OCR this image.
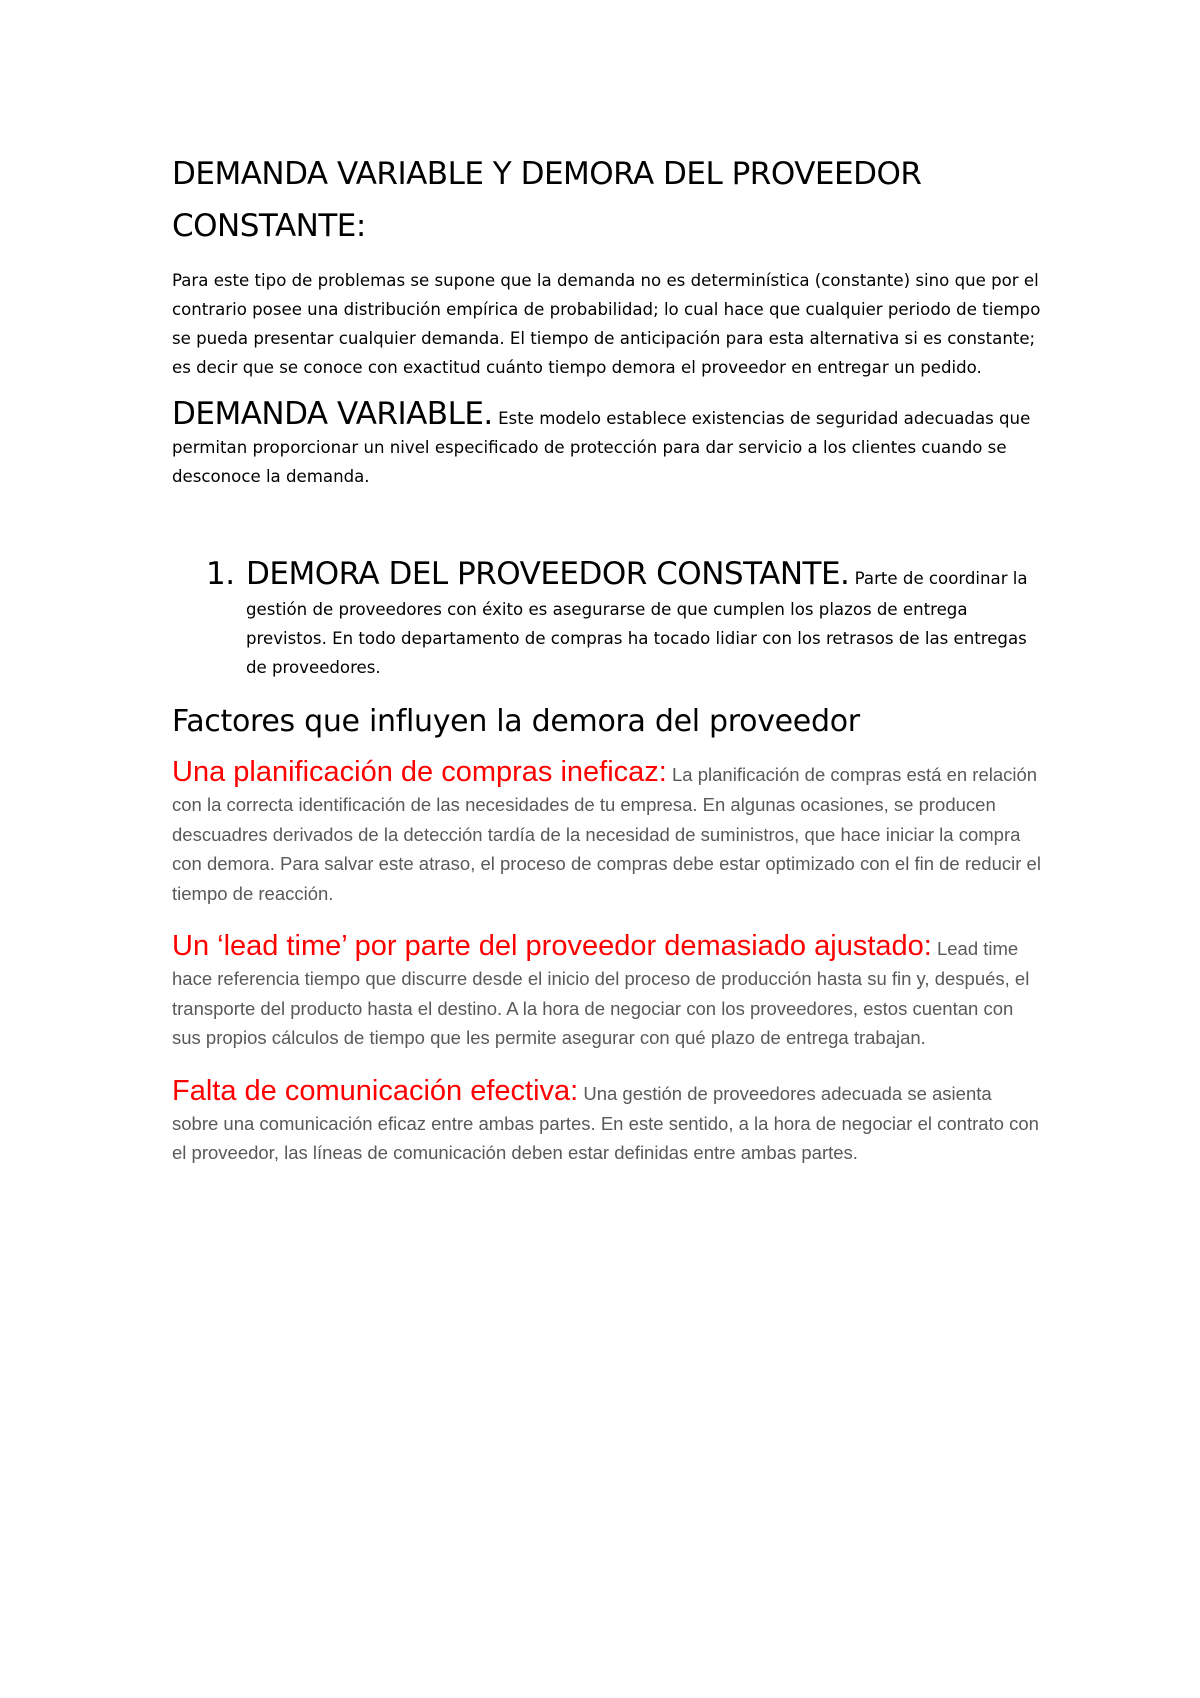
DEMANDA VARIABLE Y DEMORA DEL PROVEEDOR CONSTANTE:

Para este tipo de problemas se supone que la demanda no es determinística (constante) sino que por el contrario posee una distribución empírica de probabilidad; lo cual hace que cualquier periodo de tiempo se pueda presentar cualquier demanda. El tiempo de anticipación para esta alternativa si es constante; es decir que se conoce con exactitud cuánto tiempo demora el proveedor en entregar un pedido.

DEMANDA VARIABLE. Este modelo establece existencias de seguridad adecuadas que permitan proporcionar un nivel especificado de protección para dar servicio a los clientes cuando se desconoce la demanda.

1. DEMORA DEL PROVEEDOR CONSTANTE. Parte de coordinar la gestión de proveedores con éxito es asegurarse de que cumplen los plazos de entrega previstos. En todo departamento de compras ha tocado lidiar con los retrasos de las entregas de proveedores.
Factores que influyen la demora del proveedor

Una planificación de compras ineficaz: La planificación de compras está en relación con la correcta identificación de las necesidades de tu empresa. En algunas ocasiones, se producen descuadres derivados de la detección tardía de la necesidad de suministros, que hace iniciar la compra con demora. Para salvar este atraso, el proceso de compras debe estar optimizado con el fin de reducir el tiempo de reacción.

Un ‘lead time’ por parte del proveedor demasiado ajustado: Lead time hace referencia tiempo que discurre desde el inicio del proceso de producción hasta su fin y, después, el transporte del producto hasta el destino. A la hora de negociar con los proveedores, estos cuentan con sus propios cálculos de tiempo que les permite asegurar con qué plazo de entrega trabajan.

Falta de comunicación efectiva: Una gestión de proveedores adecuada se asienta sobre una comunicación eficaz entre ambas partes. En este sentido, a la hora de negociar el contrato con el proveedor, las líneas de comunicación deben estar definidas entre ambas partes.
